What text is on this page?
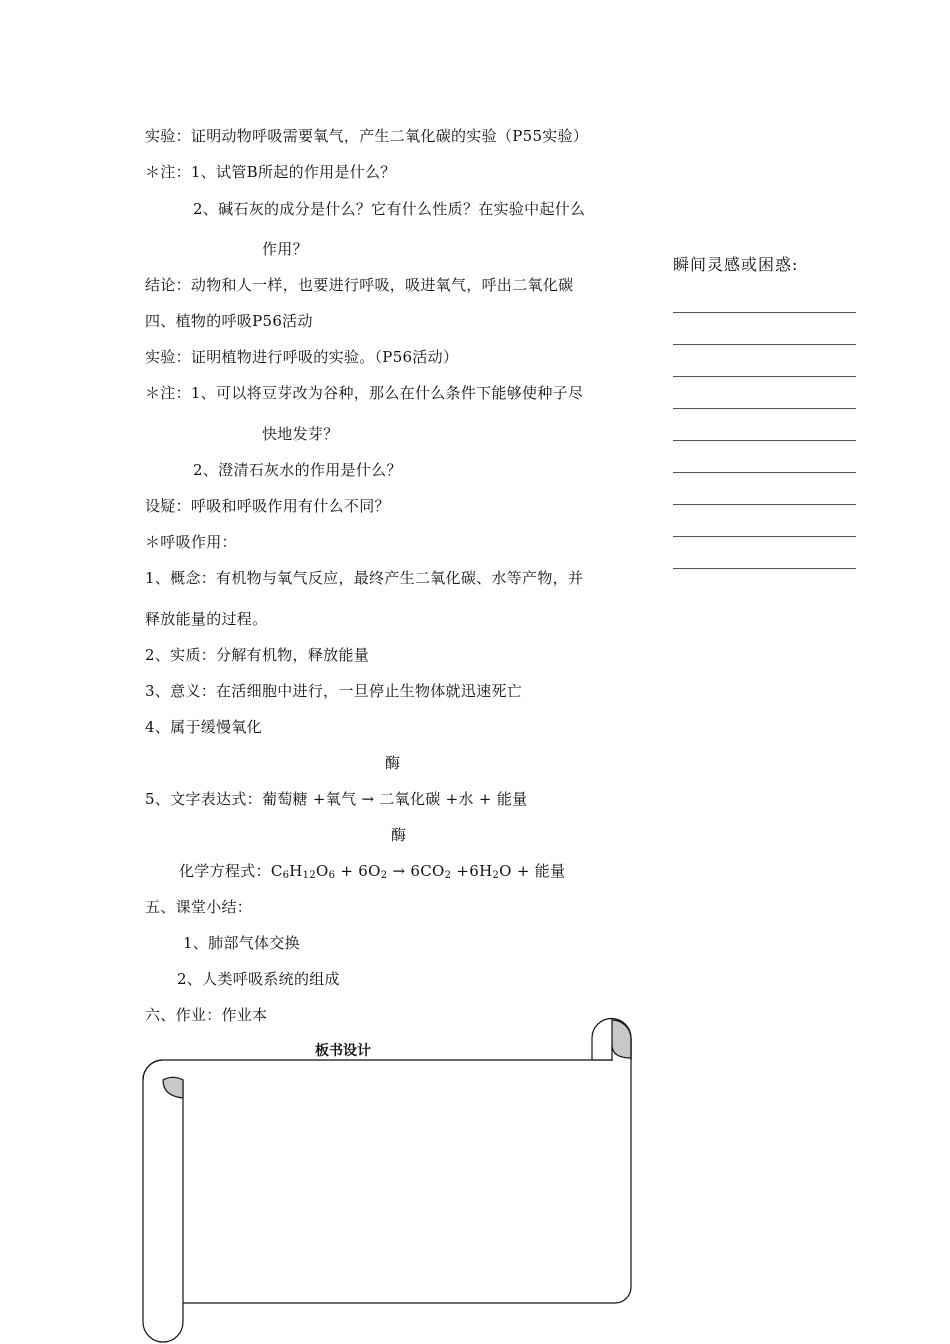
实验：证明动物呼吸需要氧气，产生二氧化碳的实验（P55实验）
＊注：1、试管B所起的作用是什么？
2、碱石灰的成分是什么？它有什么性质？在实验中起什么
作用？
结论：动物和人一样，也要进行呼吸，吸进氧气，呼出二氧化碳
四、植物的呼吸P56活动
实验：证明植物进行呼吸的实验。（P56活动）
＊注：1、可以将豆芽改为谷种，那么在什么条件下能够使种子尽
快地发芽？
2、澄清石灰水的作用是什么？
设疑：呼吸和呼吸作用有什么不同？
＊呼吸作用：
1、概念：有机物与氧气反应，最终产生二氧化碳、水等产物，并
释放能量的过程。
2、实质：分解有机物，释放能量
3、意义：在活细胞中进行，一旦停止生物体就迅速死亡
4、属于缓慢氧化
酶
5、文字表达式：葡萄糖 +氧气 → 二氧化碳 +水 + 能量
酶
化学方程式：$C_6H_{12}O_6 + 6O_2 \to 6CO_2 +6H_2O$ + 能量
五、课堂小结：
1、肺部气体交换
2、人类呼吸系统的组成
六、作业：作业本
瞬间灵感或困惑:
板书设计
